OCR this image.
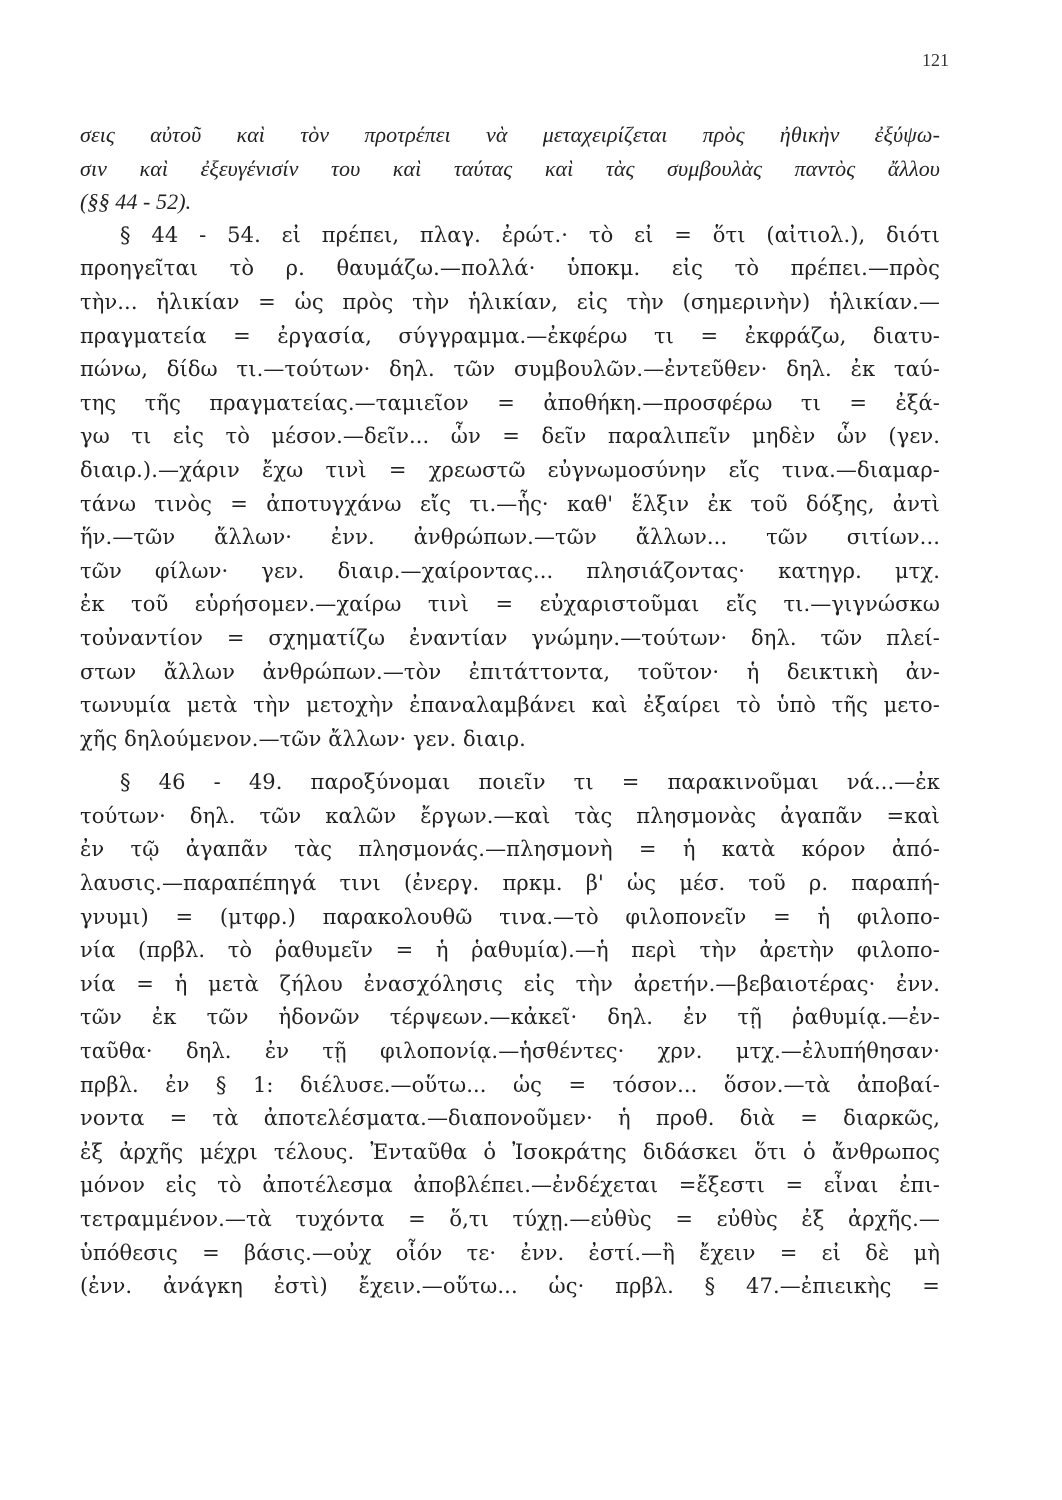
121
σεις αὐτοῦ καὶ τὸν προτρέπει νὰ μεταχειρίζεται πρὸς ἠθικὴν ἐξύψω-
σιν καὶ ἐξευγένισίν του καὶ ταύτας καὶ τὰς συμβουλὰς παντὸς ἄλλου
(§§ 44 - 52).
§ 44 - 54. εἰ πρέπει, πλαγ. ἐρώτ.· τὸ εἰ = ὅτι (αἰτιολ.), διότι
προηγεῖται τὸ ρ. θαυμάζω.—πολλά· ὑποκμ. εἰς τὸ πρέπει.—πρὸς
τὴν... ἡλικίαν = ὡς πρὸς τὴν ἡλικίαν, εἰς τὴν (σημερινὴν) ἡλικίαν.—
πραγματεία = ἐργασία, σύγγραμμα.—ἐκφέρω τι = ἐκφράζω, διατυ-
πώνω, δίδω τι.—τούτων· δηλ. τῶν συμβουλῶν.—ἐντεῦθεν· δηλ. ἐκ ταύ-
της τῆς πραγματείας.—ταμιεῖον = ἀποθήκη.—προσφέρω τι = ἐξά-
γω τι εἰς τὸ μέσον.—δεῖν... ὧν = δεῖν παραλιπεῖν μηδὲν ὧν (γεν.
διαιρ.).—χάριν ἔχω τινὶ = χρεωστῶ εὐγνωμοσύνην εἴς τινα.—διαμαρ-
τάνω τινὸς = ἀποτυγχάνω εἴς τι.—ἧς· καθ' ἕλξιν ἐκ τοῦ δόξης, ἀντὶ
ἥν.—τῶν ἄλλων· ἐνν. ἀνθρώπων.—τῶν ἄλλων... τῶν σιτίων...
τῶν φίλων· γεν. διαιρ.—χαίροντας... πλησιάζοντας· κατηγρ. μτχ.
ἐκ τοῦ εὑρήσομεν.—χαίρω τινὶ = εὐχαριστοῦμαι εἴς τι.—γιγνώσκω
τοὐναντίον = σχηματίζω ἐναντίαν γνώμην.—τούτων· δηλ. τῶν πλεί-
στων ἄλλων ἀνθρώπων.—τὸν ἐπιτάττοντα, τοῦτον· ἡ δεικτικὴ ἀν-
τωνυμία μετὰ τὴν μετοχὴν ἐπαναλαμβάνει καὶ ἐξαίρει τὸ ὑπὸ τῆς μετο-
χῆς δηλούμενον.—τῶν ἄλλων· γεν. διαιρ.
§ 46 - 49. παροξύνομαι ποιεῖν τι = παρακινοῦμαι νά...—ἐκ
τούτων· δηλ. τῶν καλῶν ἔργων.—καὶ τὰς πλησμονὰς ἀγαπᾶν =καὶ
ἐν τῷ ἀγαπᾶν τὰς πλησμονάς.—πλησμονὴ = ἡ κατὰ κόρον ἀπό-
λαυσις.—παραπέπηγά τινι (ἐνεργ. πρκμ. β' ὡς μέσ. τοῦ ρ. παραπή-
γνυμι) = (μτφρ.) παρακολουθῶ τινα.—τὸ φιλοπονεῖν = ἡ φιλοπο-
νία (πρβλ. τὸ ῥαθυμεῖν = ἡ ῥαθυμία).—ἡ περὶ τὴν ἀρετὴν φιλοπο-
νία = ἡ μετὰ ζήλου ἐνασχόλησις εἰς τὴν ἀρετήν.—βεβαιοτέρας· ἐνν.
τῶν ἐκ τῶν ἡδονῶν τέρψεων.—κἀκεῖ· δηλ. ἐν τῇ ῥαθυμίᾳ.—ἐν-
ταῦθα· δηλ. ἐν τῇ φιλοπονίᾳ.—ἡσθέντες· χρν. μτχ.—ἐλυπήθησαν·
πρβλ. ἐν § 1: διέλυσε.—οὕτω... ὡς = τόσον... ὅσον.—τὰ ἀποβαί-
νοντα = τὰ ἀποτελέσματα.—διαπονοῦμεν· ἡ προθ. διὰ = διαρκῶς,
ἐξ ἀρχῆς μέχρι τέλους. Ἐνταῦθα ὁ Ἰσοκράτης διδάσκει ὅτι ὁ ἄνθρωπος
μόνον εἰς τὸ ἀποτέλεσμα ἀποβλέπει.—ἐνδέχεται =ἔξεστι = εἶναι ἐπι-
τετραμμένον.—τὰ τυχόντα = ὅ,τι τύχῃ.—εὐθὺς = εὐθὺς ἐξ ἀρχῆς.—
ὑπόθεσις = βάσις.—οὐχ οἷόν τε· ἐνν. ἐστί.—ἢ ἔχειν = εἰ δὲ μὴ
(ἐνν. ἀνάγκη ἐστὶ) ἔχειν.—οὕτω... ὡς· πρβλ. § 47.—ἐπιεικὴς =
